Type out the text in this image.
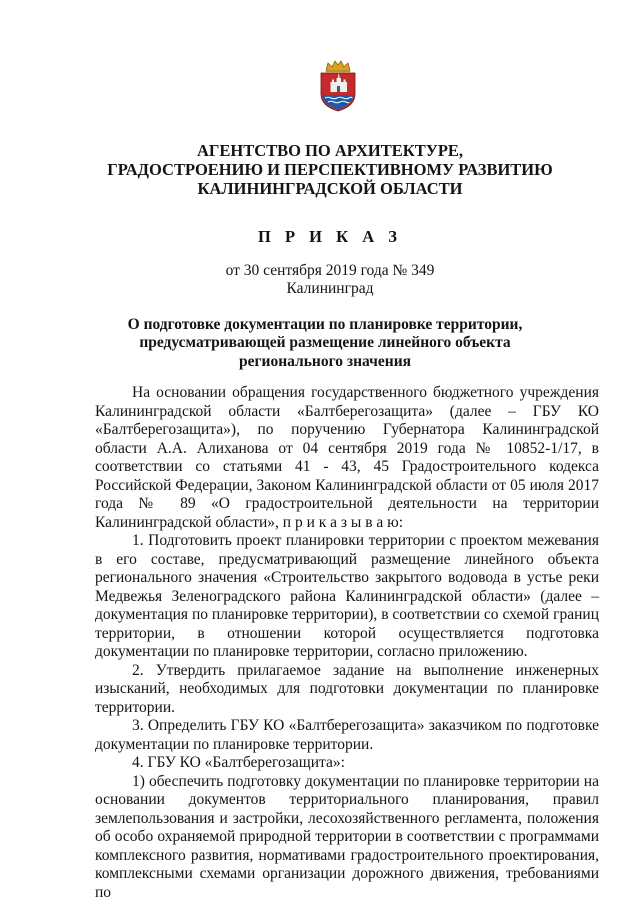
АГЕНТСТВО ПО АРХИТЕКТУРЕ,
ГРАДОСТРОЕНИЮ И ПЕРСПЕКТИВНОМУ РАЗВИТИЮ
КАЛИНИНГРАДСКОЙ ОБЛАСТИ
П Р И К А З
от 30 сентября 2019 года № 349
Калининград
О подготовке документации по планировке территории,
предусматривающей размещение линейного объекта
регионального значения

На основании обращения государственного бюджетного учреждения Калининградской области «Балтберегозащита» (далее – ГБУ КО «Балтберегозащита»), по поручению Губернатора Калининградской области А.А. Алиханова от 04 сентября 2019 года № 10852-1/17, в соответствии со статьями 41 - 43, 45 Градостроительного кодекса Российской Федерации, Законом Калининградской области от 05 июля 2017 года № 89 «О градостроительной деятельности на территории Калининградской области», п р и к а з ы в а ю:

1. Подготовить проект планировки территории с проектом межевания в его составе, предусматривающий размещение линейного объекта регионального значения «Строительство закрытого водовода в устье реки Медвежья Зеленоградского района Калининградской области» (далее – документация по планировке территории), в соответствии со схемой границ территории, в отношении которой осуществляется подготовка документации по планировке территории, согласно приложению.

2. Утвердить прилагаемое задание на выполнение инженерных изысканий, необходимых для подготовки документации по планировке территории.

3. Определить ГБУ КО «Балтберегозащита» заказчиком по подготовке документации по планировке территории.

4. ГБУ КО «Балтберегозащита»:

1) обеспечить подготовку документации по планировке территории на основании документов территориального планирования, правил землепользования и застройки, лесохозяйственного регламента, положения об особо охраняемой природной территории в соответствии с программами комплексного развития, нормативами градостроительного проектирования, комплексными схемами организации дорожного движения, требованиями по
